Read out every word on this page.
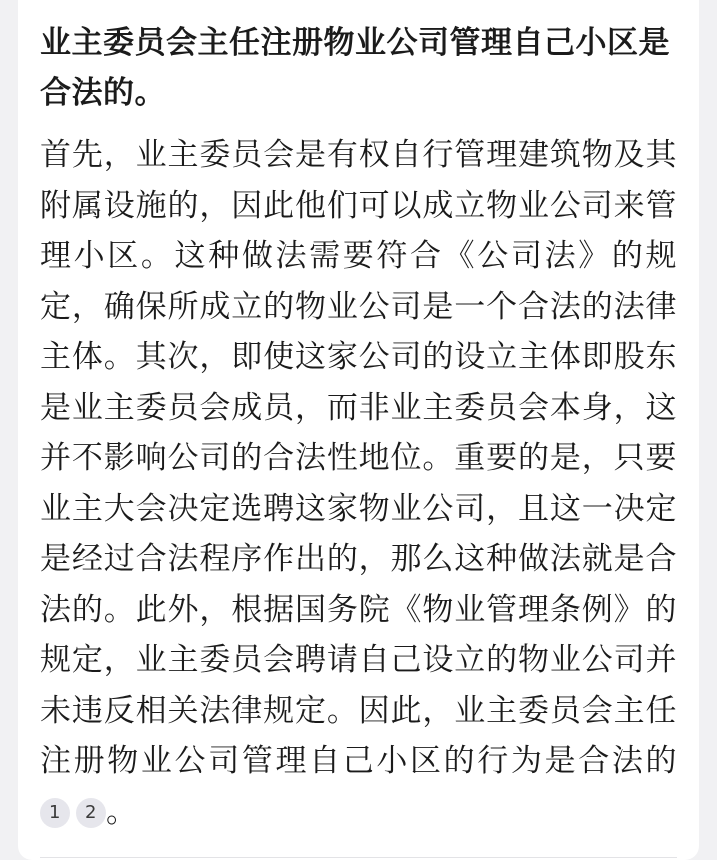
业主委员会主任注册物业公司管理自己小区是合法的。

首先，业主委员会是有权自行管理建筑物及其附属设施的，因此他们可以成立物业公司来管理小区。这种做法需要符合《公司法》的规定，确保所成立的物业公司是一个合法的法律主体。其次，即使这家公司的设立主体即股东是业主委员会成员，而非业主委员会本身，这并不影响公司的合法性地位。重要的是，只要业主大会决定选聘这家物业公司，且这一决定是经过合法程序作出的，那么这种做法就是合法的。此外，根据国务院《物业管理条例》的规定，业主委员会聘请自己设立的物业公司并未违反相关法律规定。因此，业主委员会主任注册物业公司管理自己小区的行为是合法的
1	2 。
